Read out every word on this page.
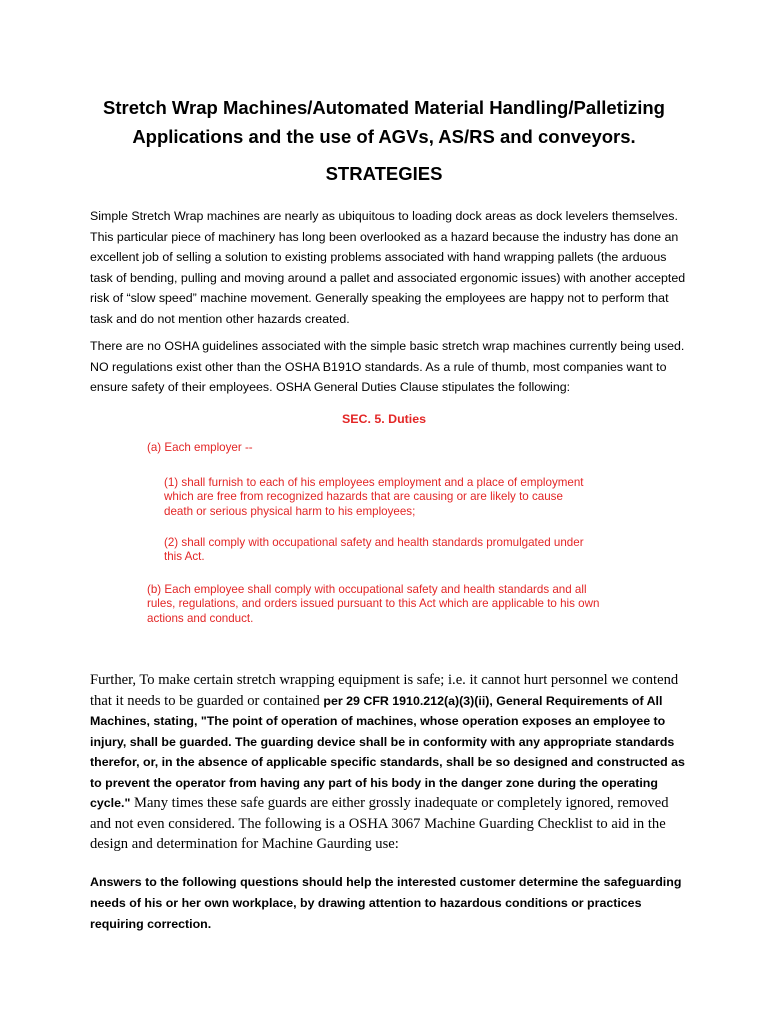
Stretch Wrap Machines/Automated Material Handling/Palletizing
Applications and the use of AGVs, AS/RS and conveyors.
STRATEGIES
Simple Stretch Wrap machines are nearly as ubiquitous to loading dock areas as dock levelers themselves. This particular piece of machinery has long been overlooked as a hazard because the industry has done an excellent job of selling a solution to existing problems associated with hand wrapping pallets (the arduous task of bending, pulling and moving around a pallet and associated ergonomic issues) with another accepted risk of “slow speed” machine movement. Generally speaking the employees are happy not to perform that task and do not mention other hazards created.
There are no OSHA guidelines associated with the simple basic stretch wrap machines currently being used. NO regulations exist other than the OSHA B191O standards. As a rule of thumb, most companies want to ensure safety of their employees. OSHA General Duties Clause stipulates the following:
SEC. 5. Duties
(a) Each employer --
(1) shall furnish to each of his employees employment and a place of employment which are free from recognized hazards that are causing or are likely to cause death or serious physical harm to his employees;
(2) shall comply with occupational safety and health standards promulgated under this Act.
(b) Each employee shall comply with occupational safety and health standards and all rules, regulations, and orders issued pursuant to this Act which are applicable to his own actions and conduct.
Further, To make certain stretch wrapping equipment is safe; i.e. it cannot hurt personnel we contend that it needs to be guarded or contained per 29 CFR 1910.212(a)(3)(ii), General Requirements of All Machines, stating, "The point of operation of machines, whose operation exposes an employee to injury, shall be guarded. The guarding device shall be in conformity with any appropriate standards therefor, or, in the absence of applicable specific standards, shall be so designed and constructed as to prevent the operator from having any part of his body in the danger zone during the operating cycle." Many times these safe guards are either grossly inadequate or completely ignored, removed and not even considered. The following is a OSHA 3067 Machine Guarding Checklist to aid in the design and determination for Machine Gaurding use:
Answers to the following questions should help the interested customer determine the safeguarding needs of his or her own workplace, by drawing attention to hazardous conditions or practices requiring correction.
